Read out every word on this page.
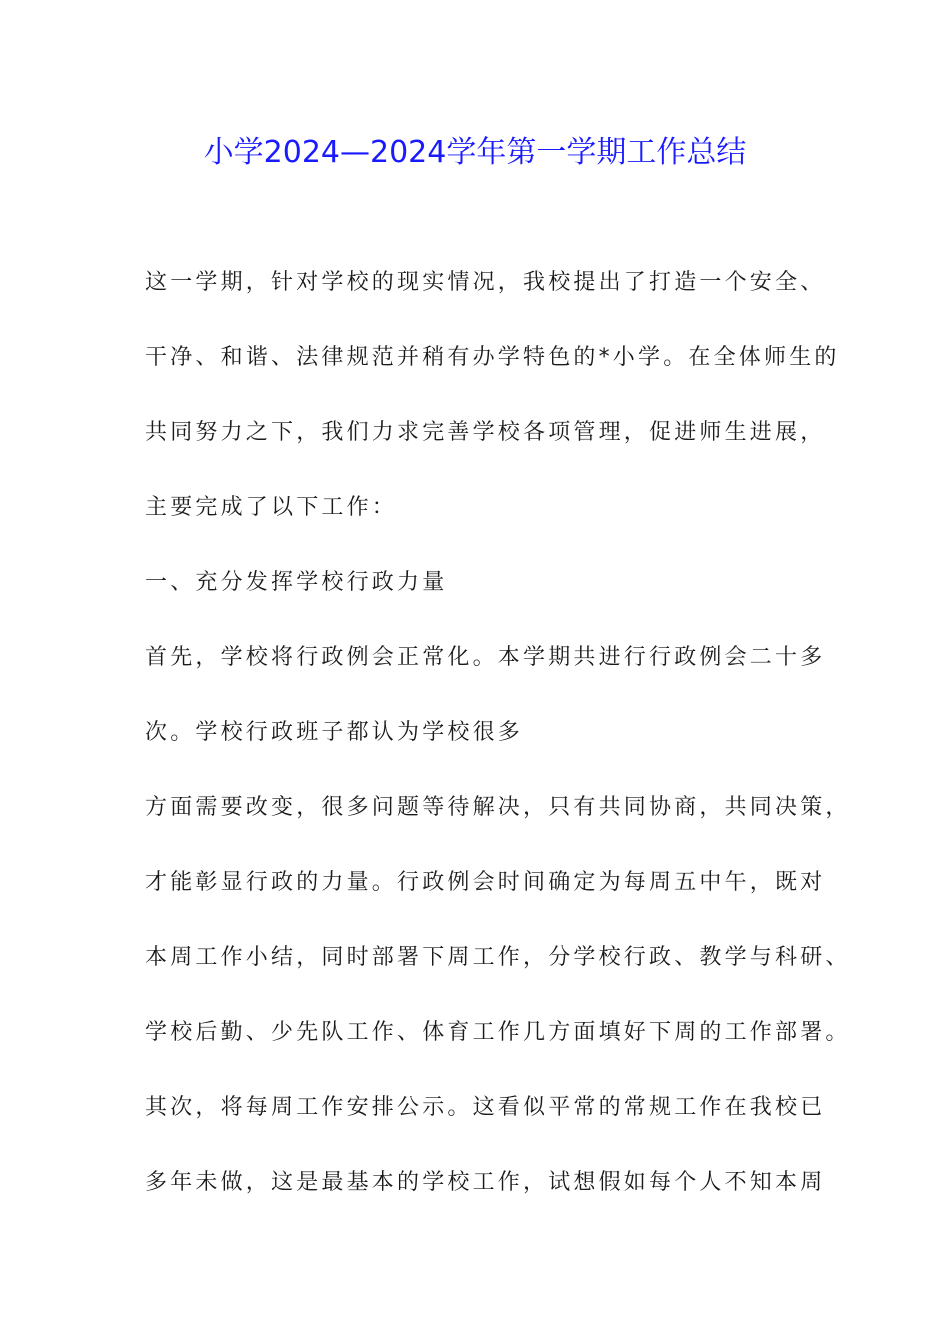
小学2024—2024学年第一学期工作总结
这一学期，针对学校的现实情况，我校提出了打造一个安全、
干净、和谐、法律规范并稍有办学特色的*小学。在全体师生的
共同努力之下，我们力求完善学校各项管理，促进师生进展，
主要完成了以下工作：
一、充分发挥学校行政力量
首先，学校将行政例会正常化。本学期共进行行政例会二十多
次。学校行政班子都认为学校很多
方面需要改变，很多问题等待解决，只有共同协商，共同决策，
才能彰显行政的力量。行政例会时间确定为每周五中午，既对
本周工作小结，同时部署下周工作，分学校行政、教学与科研、
学校后勤、少先队工作、体育工作几方面填好下周的工作部署。
其次，将每周工作安排公示。这看似平常的常规工作在我校已
多年未做，这是最基本的学校工作，试想假如每个人不知本周
